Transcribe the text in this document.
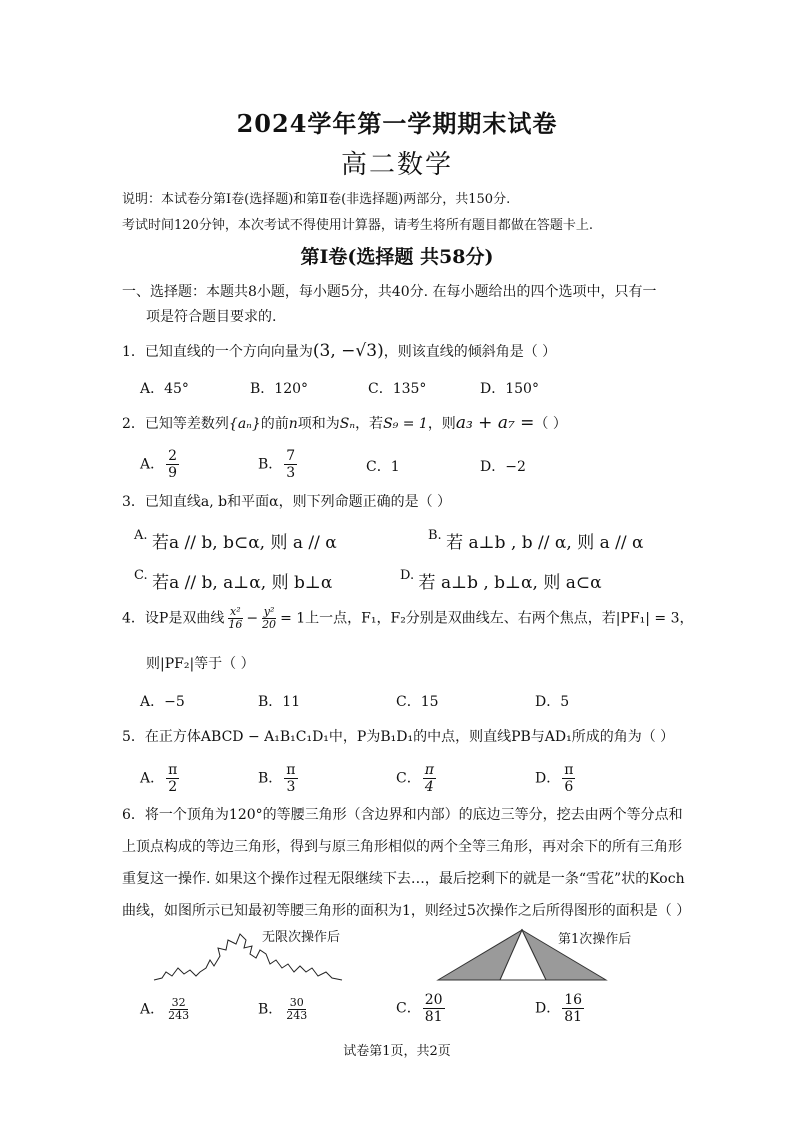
2024学年第一学期期末试卷
高二数学
说明：本试卷分第Ⅰ卷(选择题)和第Ⅱ卷(非选择题)两部分，共150分.
考试时间120分钟，本次考试不得使用计算器，请考生将所有题目都做在答题卡上.
第Ⅰ卷(选择题 共58分)
一、选择题：本题共8小题，每小题5分，共40分. 在每小题给出的四个选项中，只有一
项是符合题目要求的.
1．已知直线的一个方向向量为(3, −√3)，则该直线的倾斜角是（ ）
A．45°	B．120°	C．135°	D．150°
2．已知等差数列{aₙ}的前n项和为Sₙ，若S₉ = 1，则a₃ + a₇ =（ ）
A． $\frac{2}{9}$	B． $\frac{7}{3}$	C．1	D．−2
3．已知直线a, b和平面α，则下列命题正确的是（ ）
A. 若a // b, b⊂α, 则 a // α	B. 若 a⊥b , b // α, 则 a // α
C. 若a // b, a⊥α, 则 b⊥α	D. 若 a⊥b , b⊥α, 则 a⊂α
4．设P是双曲线 $\frac{\text{x²}}{16} - \frac{\text{y²}}{20} = 1$上一点，F₁，F₂分别是双曲线左、右两个焦点，若|PF₁| = 3，
则|PF₂|等于（ ）
A．−5	B．11	C．15	D．5
5．在正方体ABCD − A₁B₁C₁D₁中，P为B₁D₁的中点，则直线PB与AD₁所成的角为（ ）
A． $\frac{\pi}{2}$	B． $\frac{\pi}{3}$	C． $\frac{\pi}{4}$	D． $\frac{\pi}{6}$
6．将一个顶角为120°的等腰三角形（含边界和内部）的底边三等分，挖去由两个等分点和
上顶点构成的等边三角形，得到与原三角形相似的两个全等三角形，再对余下的所有三角形
重复这一操作. 如果这个操作过程无限继续下去…，最后挖剩下的就是一条“雪花”状的Koch
曲线，如图所示已知最初等腰三角形的面积为1，则经过5次操作之后所得图形的面积是（ ）
无限次操作后	第1次操作后
A． $\frac{32}{243}$	B． $\frac{30}{243}$	C． $\frac{20}{81}$	D． $\frac{16}{81}$
试卷第1页，共2页
